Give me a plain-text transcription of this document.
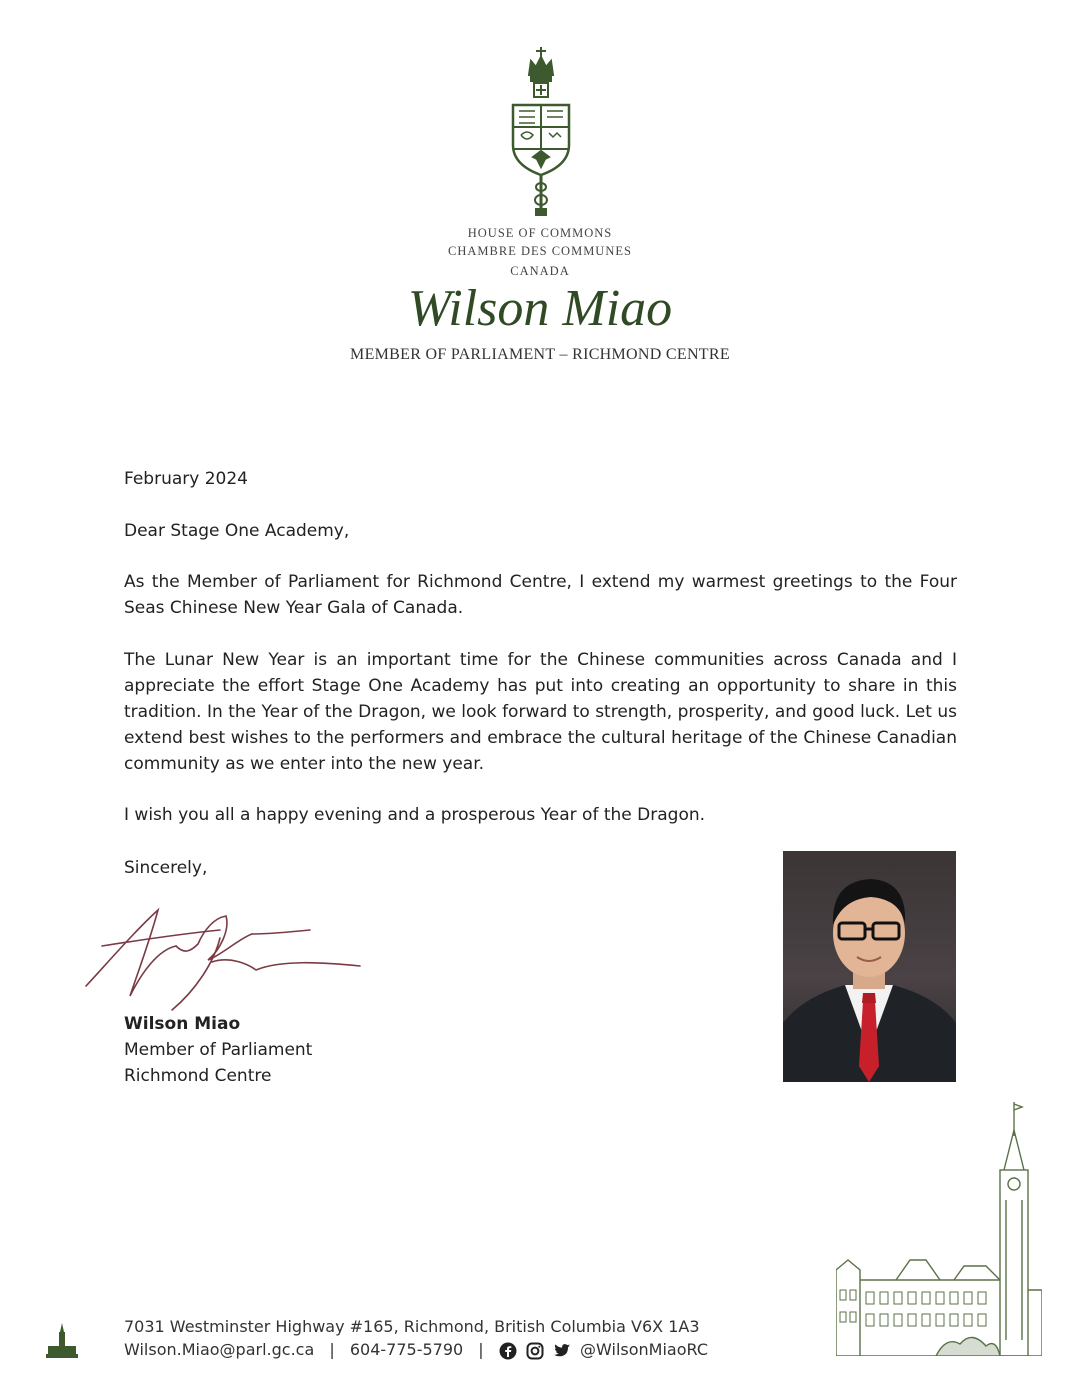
HOUSE OF COMMONS
CHAMBRE DES COMMUNES
CANADA
Wilson Miao
MEMBER OF PARLIAMENT – RICHMOND CENTRE
February 2024
Dear Stage One Academy,
As the Member of Parliament for Richmond Centre, I extend my warmest greetings to the Four Seas Chinese New Year Gala of Canada.
The Lunar New Year is an important time for the Chinese communities across Canada and I appreciate the effort Stage One Academy has put into creating an opportunity to share in this tradition. In the Year of the Dragon, we look forward to strength, prosperity, and good luck. Let us extend best wishes to the performers and embrace the cultural heritage of the Chinese Canadian community as we enter into the new year.
I wish you all a happy evening and a prosperous Year of the Dragon.
Sincerely,
Wilson Miao
Member of Parliament
Richmond Centre
7031 Westminster Highway #165, Richmond, British Columbia V6X 1A3
Wilson.Miao@parl.gc.ca | 604-775-5790 |	@WilsonMiaoRC
